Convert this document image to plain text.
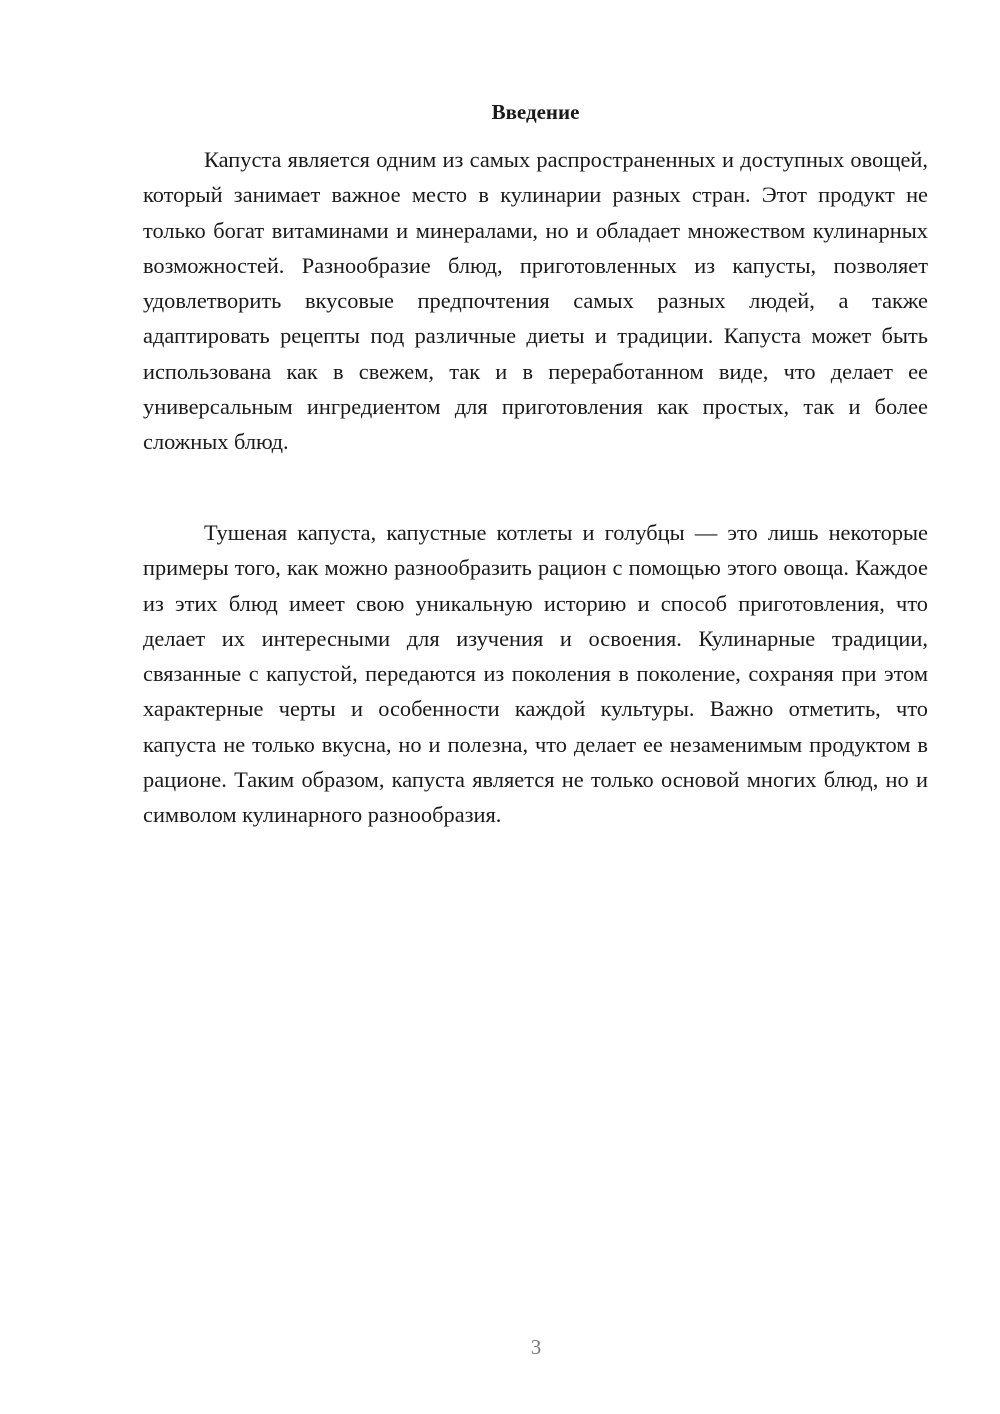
Введение

Капуста является одним из самых распространенных и доступных овощей, который занимает важное место в кулинарии разных стран. Этот продукт не только богат витаминами и минералами, но и обладает множеством кулинарных возможностей. Разнообразие блюд, приготовленных из капусты, позволяет удовлетворить вкусовые предпочтения самых разных людей, а также адаптировать рецепты под различные диеты и традиции. Капуста может быть использована как в свежем, так и в переработанном виде, что делает ее универсальным ингредиентом для приготовления как простых, так и более сложных блюд.

Тушеная капуста, капустные котлеты и голубцы — это лишь некоторые примеры того, как можно разнообразить рацион с помощью этого овоща. Каждое из этих блюд имеет свою уникальную историю и способ приготовления, что делает их интересными для изучения и освоения. Кулинарные традиции, связанные с капустой, передаются из поколения в поколение, сохраняя при этом характерные черты и особенности каждой культуры. Важно отметить, что капуста не только вкусна, но и полезна, что делает ее незаменимым продуктом в рационе. Таким образом, капуста является не только основой многих блюд, но и символом кулинарного разнообразия.

3
